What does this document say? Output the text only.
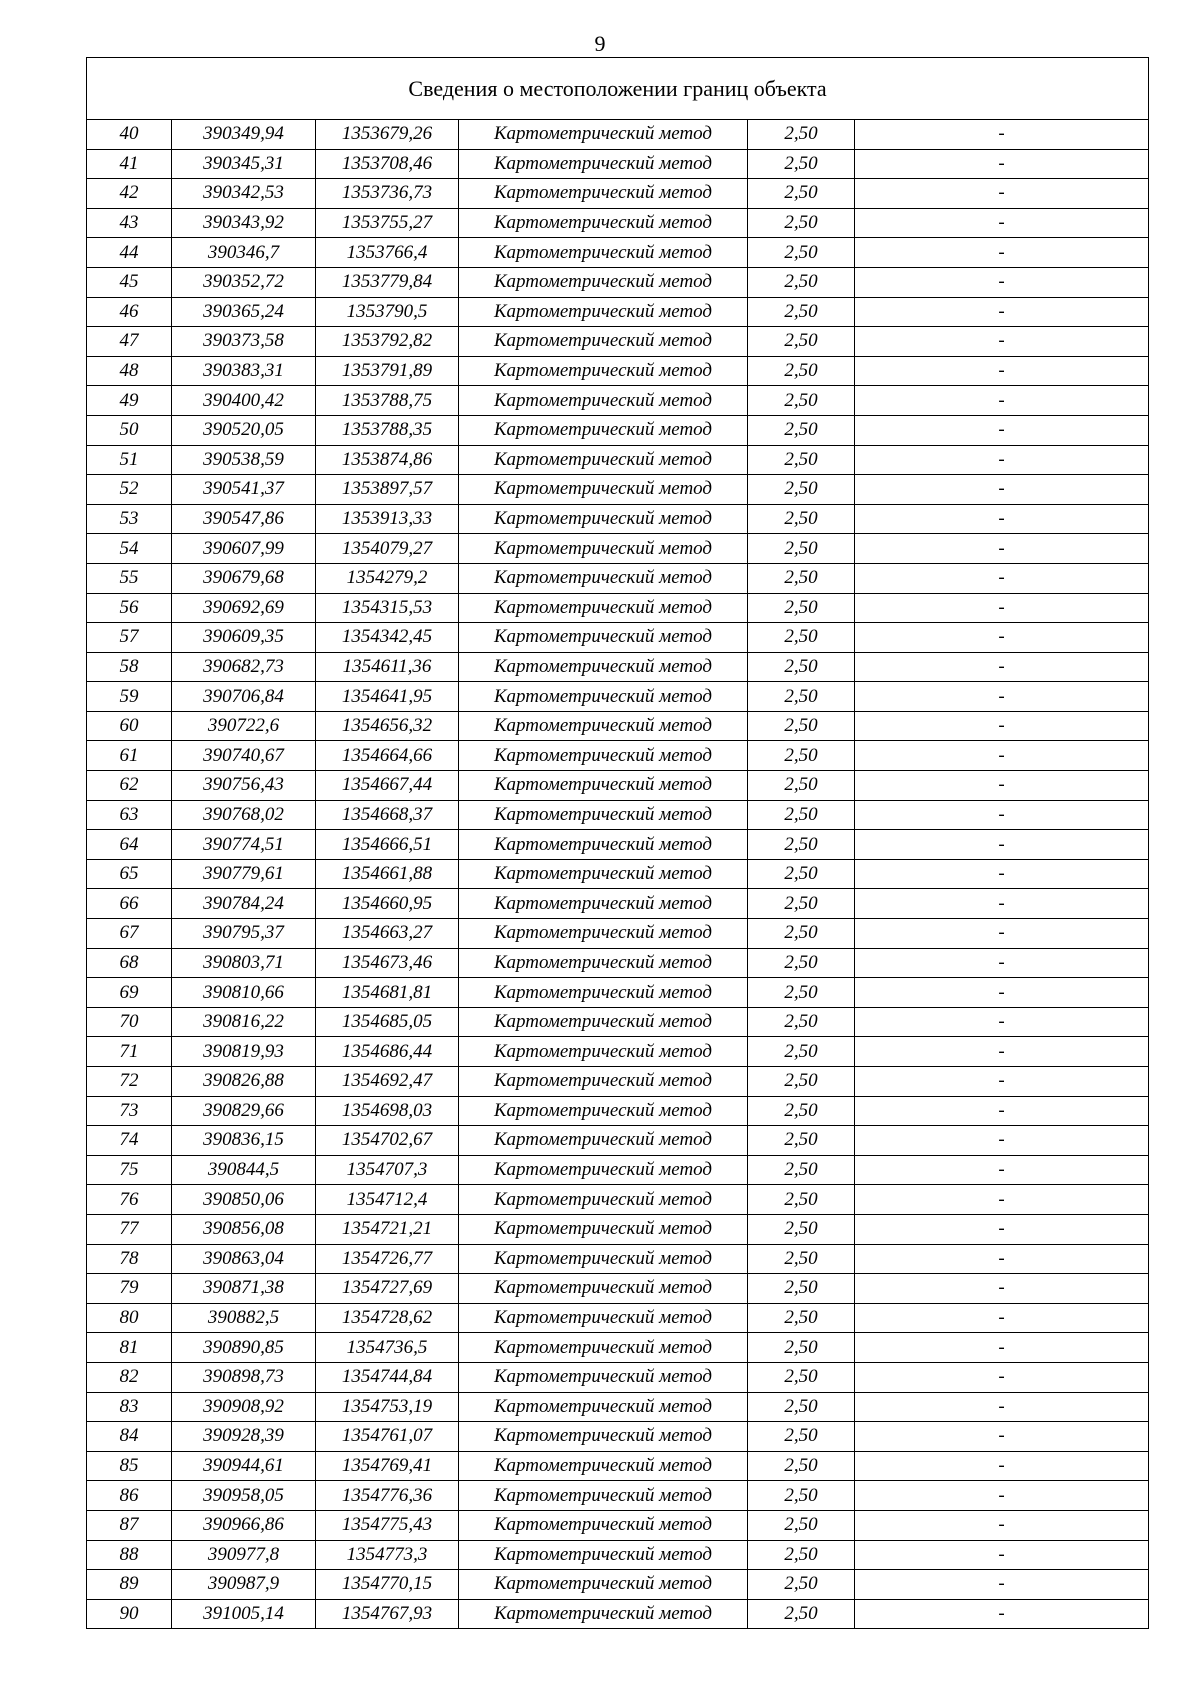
9
Сведения о местоположении границ объекта					
40	390349,94	1353679,26	Картометрический метод	2,50	-
41	390345,31	1353708,46	Картометрический метод	2,50	-
42	390342,53	1353736,73	Картометрический метод	2,50	-
43	390343,92	1353755,27	Картометрический метод	2,50	-
44	390346,7	1353766,4	Картометрический метод	2,50	-
45	390352,72	1353779,84	Картометрический метод	2,50	-
46	390365,24	1353790,5	Картометрический метод	2,50	-
47	390373,58	1353792,82	Картометрический метод	2,50	-
48	390383,31	1353791,89	Картометрический метод	2,50	-
49	390400,42	1353788,75	Картометрический метод	2,50	-
50	390520,05	1353788,35	Картометрический метод	2,50	-
51	390538,59	1353874,86	Картометрический метод	2,50	-
52	390541,37	1353897,57	Картометрический метод	2,50	-
53	390547,86	1353913,33	Картометрический метод	2,50	-
54	390607,99	1354079,27	Картометрический метод	2,50	-
55	390679,68	1354279,2	Картометрический метод	2,50	-
56	390692,69	1354315,53	Картометрический метод	2,50	-
57	390609,35	1354342,45	Картометрический метод	2,50	-
58	390682,73	1354611,36	Картометрический метод	2,50	-
59	390706,84	1354641,95	Картометрический метод	2,50	-
60	390722,6	1354656,32	Картометрический метод	2,50	-
61	390740,67	1354664,66	Картометрический метод	2,50	-
62	390756,43	1354667,44	Картометрический метод	2,50	-
63	390768,02	1354668,37	Картометрический метод	2,50	-
64	390774,51	1354666,51	Картометрический метод	2,50	-
65	390779,61	1354661,88	Картометрический метод	2,50	-
66	390784,24	1354660,95	Картометрический метод	2,50	-
67	390795,37	1354663,27	Картометрический метод	2,50	-
68	390803,71	1354673,46	Картометрический метод	2,50	-
69	390810,66	1354681,81	Картометрический метод	2,50	-
70	390816,22	1354685,05	Картометрический метод	2,50	-
71	390819,93	1354686,44	Картометрический метод	2,50	-
72	390826,88	1354692,47	Картометрический метод	2,50	-
73	390829,66	1354698,03	Картометрический метод	2,50	-
74	390836,15	1354702,67	Картометрический метод	2,50	-
75	390844,5	1354707,3	Картометрический метод	2,50	-
76	390850,06	1354712,4	Картометрический метод	2,50	-
77	390856,08	1354721,21	Картометрический метод	2,50	-
78	390863,04	1354726,77	Картометрический метод	2,50	-
79	390871,38	1354727,69	Картометрический метод	2,50	-
80	390882,5	1354728,62	Картометрический метод	2,50	-
81	390890,85	1354736,5	Картометрический метод	2,50	-
82	390898,73	1354744,84	Картометрический метод	2,50	-
83	390908,92	1354753,19	Картометрический метод	2,50	-
84	390928,39	1354761,07	Картометрический метод	2,50	-
85	390944,61	1354769,41	Картометрический метод	2,50	-
86	390958,05	1354776,36	Картометрический метод	2,50	-
87	390966,86	1354775,43	Картометрический метод	2,50	-
88	390977,8	1354773,3	Картометрический метод	2,50	-
89	390987,9	1354770,15	Картометрический метод	2,50	-
90	391005,14	1354767,93	Картометрический метод	2,50	-
